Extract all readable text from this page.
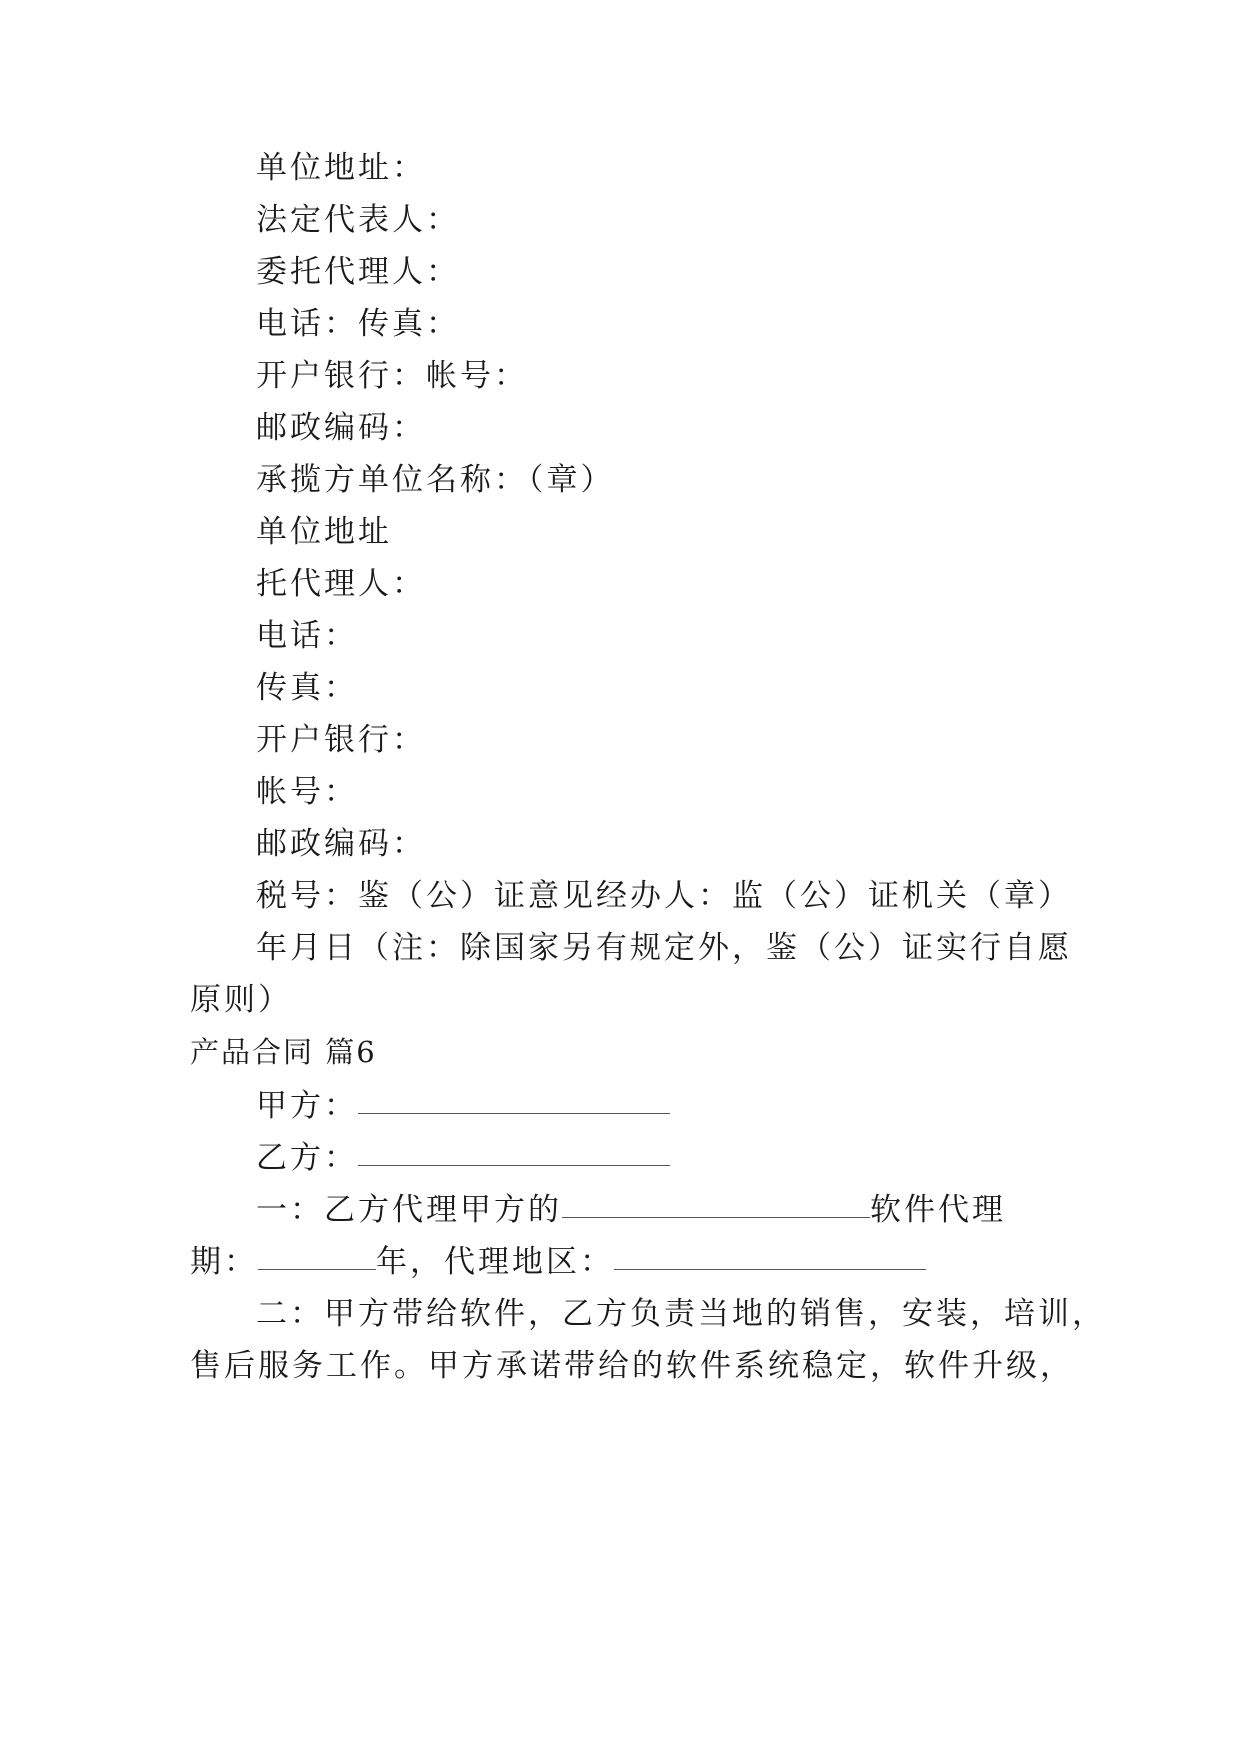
单位地址：
法定代表人：
委托代理人：
电话：传真：
开户银行：帐号：
邮政编码：
承揽方单位名称：（章）
单位地址
托代理人：
电话：
传真：
开户银行：
帐号：
邮政编码：
税号：鉴（公）证意见经办人：监（公）证机关（章）
年月日（注：除国家另有规定外，鉴（公）证实行自愿
原则）
产品合同 篇6
甲方：
乙方：
一：乙方代理甲方的	软件代理
期：	年，代理地区：
二：甲方带给软件，乙方负责当地的销售，安装，培训，
售后服务工作。甲方承诺带给的软件系统稳定，软件升级，
